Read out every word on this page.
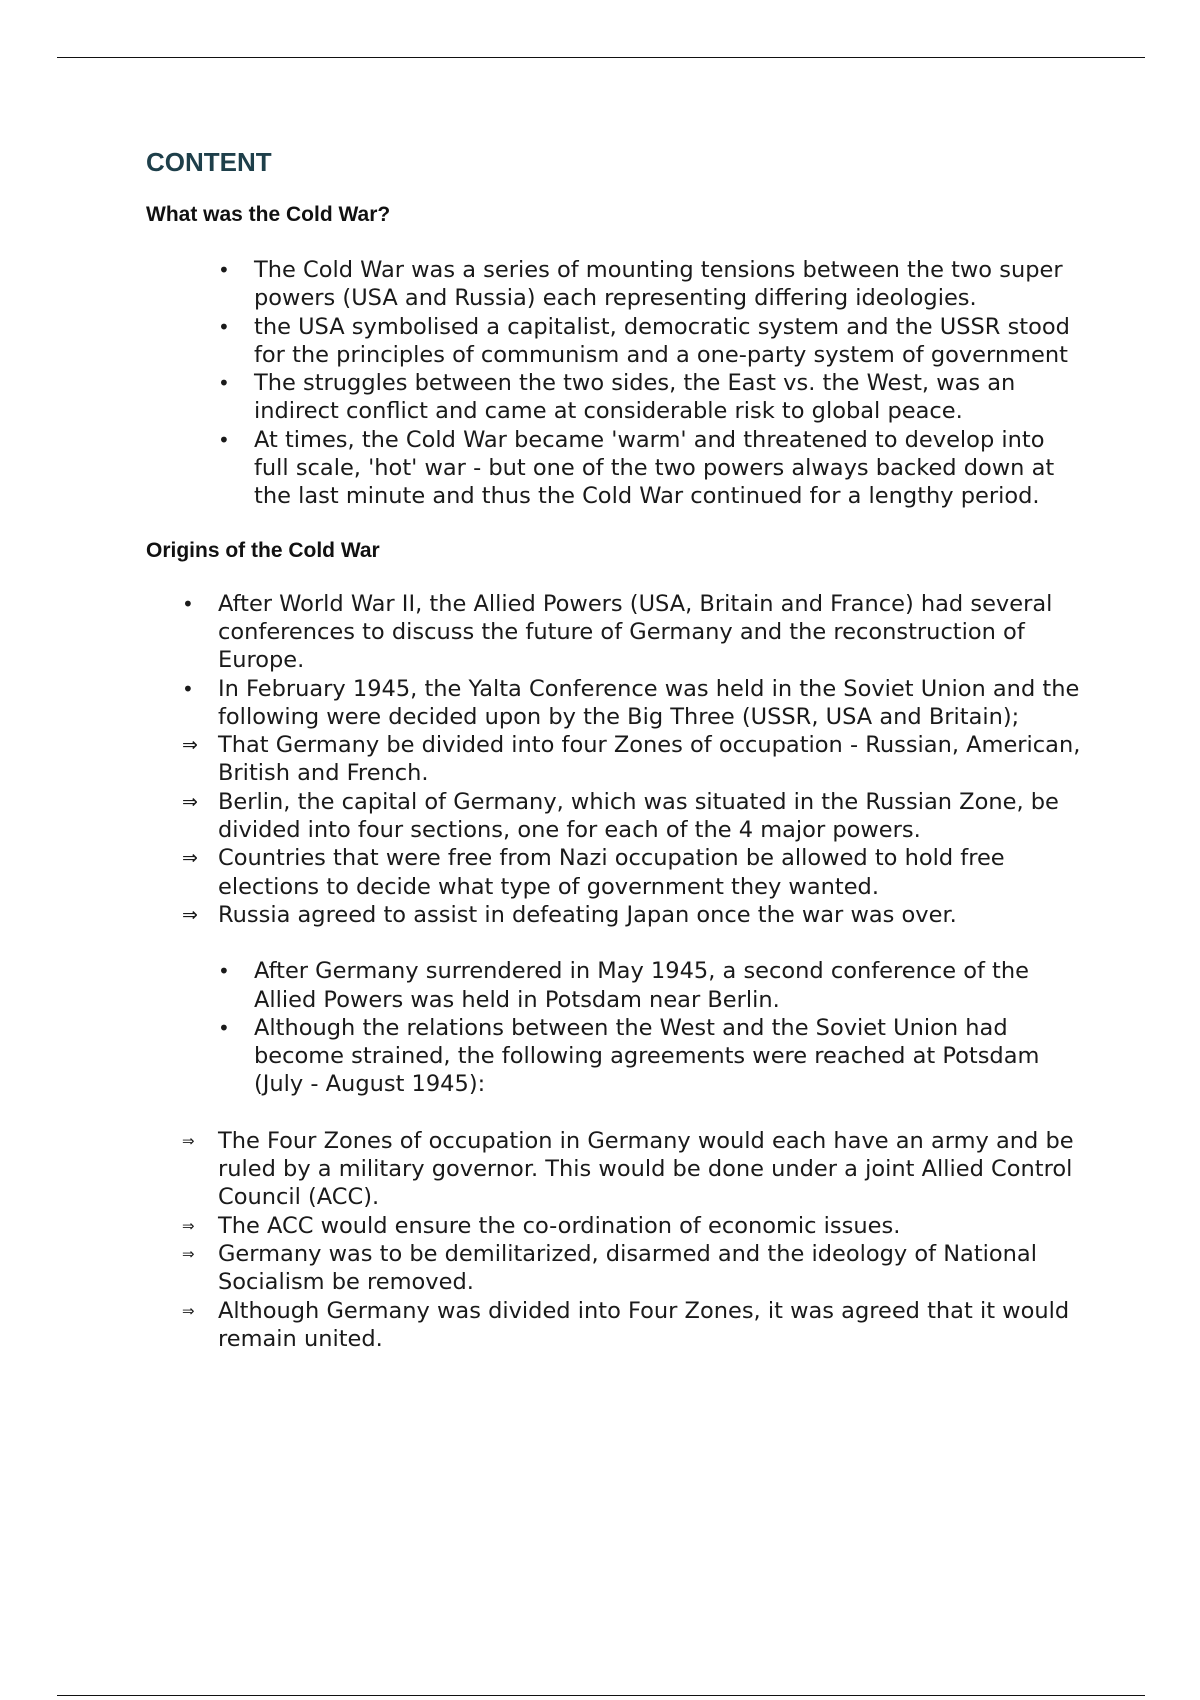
CONTENT
What was the Cold War?
•	The Cold War was a series of mounting tensions between the two super powers (USA and Russia) each representing differing ideologies.
•	the USA symbolised a capitalist, democratic system and the USSR stood for the principles of communism and a one-party system of government
•	The struggles between the two sides, the East vs. the West, was an indirect conflict and came at considerable risk to global peace.
•	At times, the Cold War became 'warm' and threatened to develop into full scale, 'hot' war - but one of the two powers always backed down at the last minute and thus the Cold War continued for a lengthy period.
Origins of the Cold War
•	After World War II, the Allied Powers (USA, Britain and France) had several conferences to discuss the future of Germany and the reconstruction of Europe.
•	In February 1945, the Yalta Conference was held in the Soviet Union and the following were decided upon by the Big Three (USSR, USA and Britain);
⇒ That Germany be divided into four Zones of occupation - Russian, American, British and French.
⇒ Berlin, the capital of Germany, which was situated in the Russian Zone, be divided into four sections, one for each of the 4 major powers.
⇒ Countries that were free from Nazi occupation be allowed to hold free elections to decide what type of government they wanted.
⇒ Russia agreed to assist in defeating Japan once the war was over.
•	After Germany surrendered in May 1945, a second conference of the Allied Powers was held in Potsdam near Berlin.
•	Although the relations between the West and the Soviet Union had
become strained, the following agreements were reached at Potsdam (July - August 1945):
⇒	The Four Zones of occupation in Germany would each have an army and be ruled by a military governor. This would be done under a joint Allied Control Council (ACC).
⇒	The ACC would ensure the co-ordination of economic issues.
⇒	Germany was to be demilitarized, disarmed and the ideology of National Socialism be removed.
⇒	Although Germany was divided into Four Zones, it was agreed that it would remain united.
